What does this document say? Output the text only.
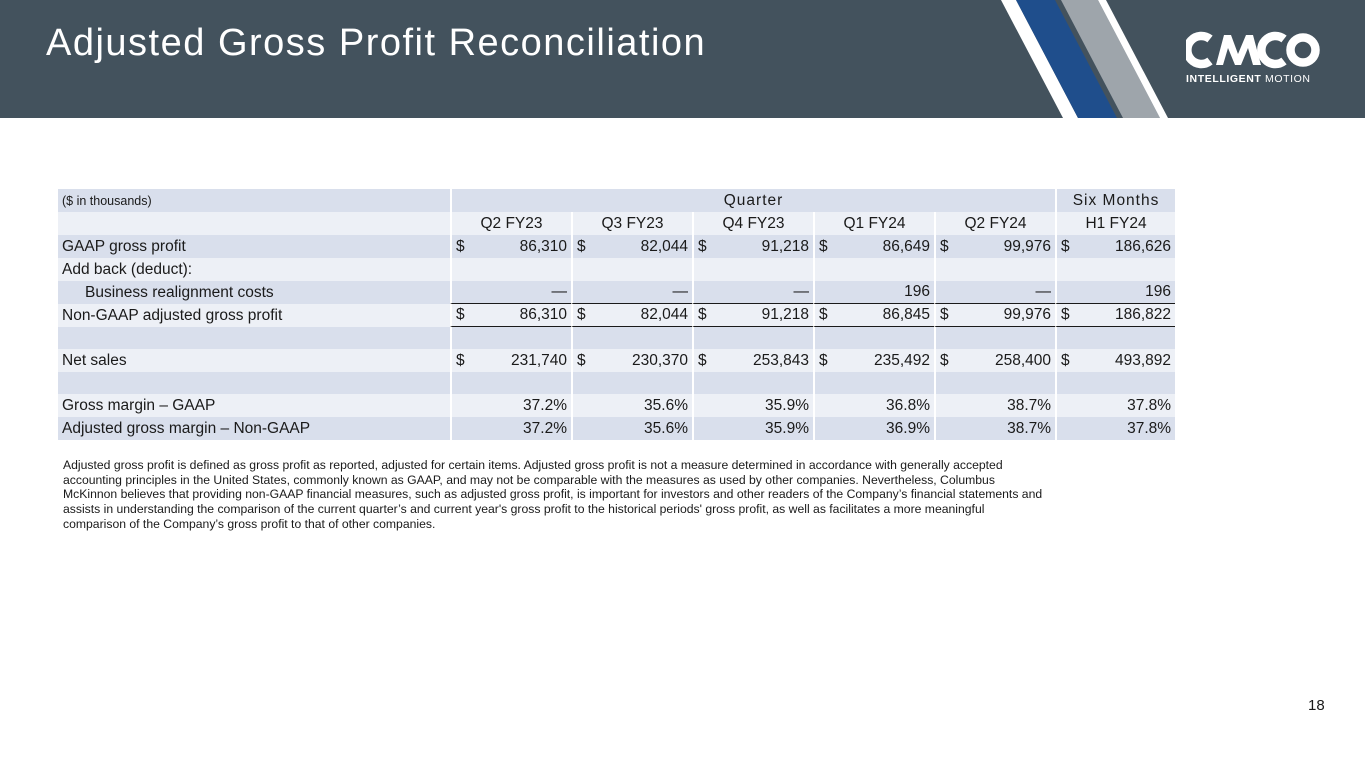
Adjusted Gross Profit Reconciliation
INTELLIGENT MOTION
($ in thousands)	Quarter					Six Months
	Q2 FY23	Q3 FY23	Q4 FY23	Q1 FY24	Q2 FY24	H1 FY24
GAAP gross profit	$ 86,310	$ 82,044	$ 91,218	$ 86,649	$ 99,976	$ 186,626

Add back (deduct):						
Business realignment costs	—	—	—	196	—	196
Non-GAAP adjusted gross profit	$ 86,310	$ 82,044	$ 91,218	$ 86,845	$ 99,976	$ 186,822

Net sales	$ 231,740	$ 230,370	$ 253,843	$ 235,492	$ 258,400	$ 493,892

Gross margin – GAAP	37.2%	35.6%	35.9%	36.8%	38.7%	37.8%
Adjusted gross margin – Non-GAAP	37.2%	35.6%	35.9%	36.9%	38.7%	37.8%

Adjusted gross profit is defined as gross profit as reported, adjusted for certain items. Adjusted gross profit is not a measure determined in accordance with generally accepted accounting principles in the United States, commonly known as GAAP, and may not be comparable with the measures as used by other companies. Nevertheless, Columbus McKinnon believes that providing non-GAAP financial measures, such as adjusted gross profit, is important for investors and other readers of the Company’s financial statements and assists in understanding the comparison of the current quarter’s and current year's gross profit to the historical periods' gross profit, as well as facilitates a more meaningful comparison of the Company’s gross profit to that of other companies.

18
